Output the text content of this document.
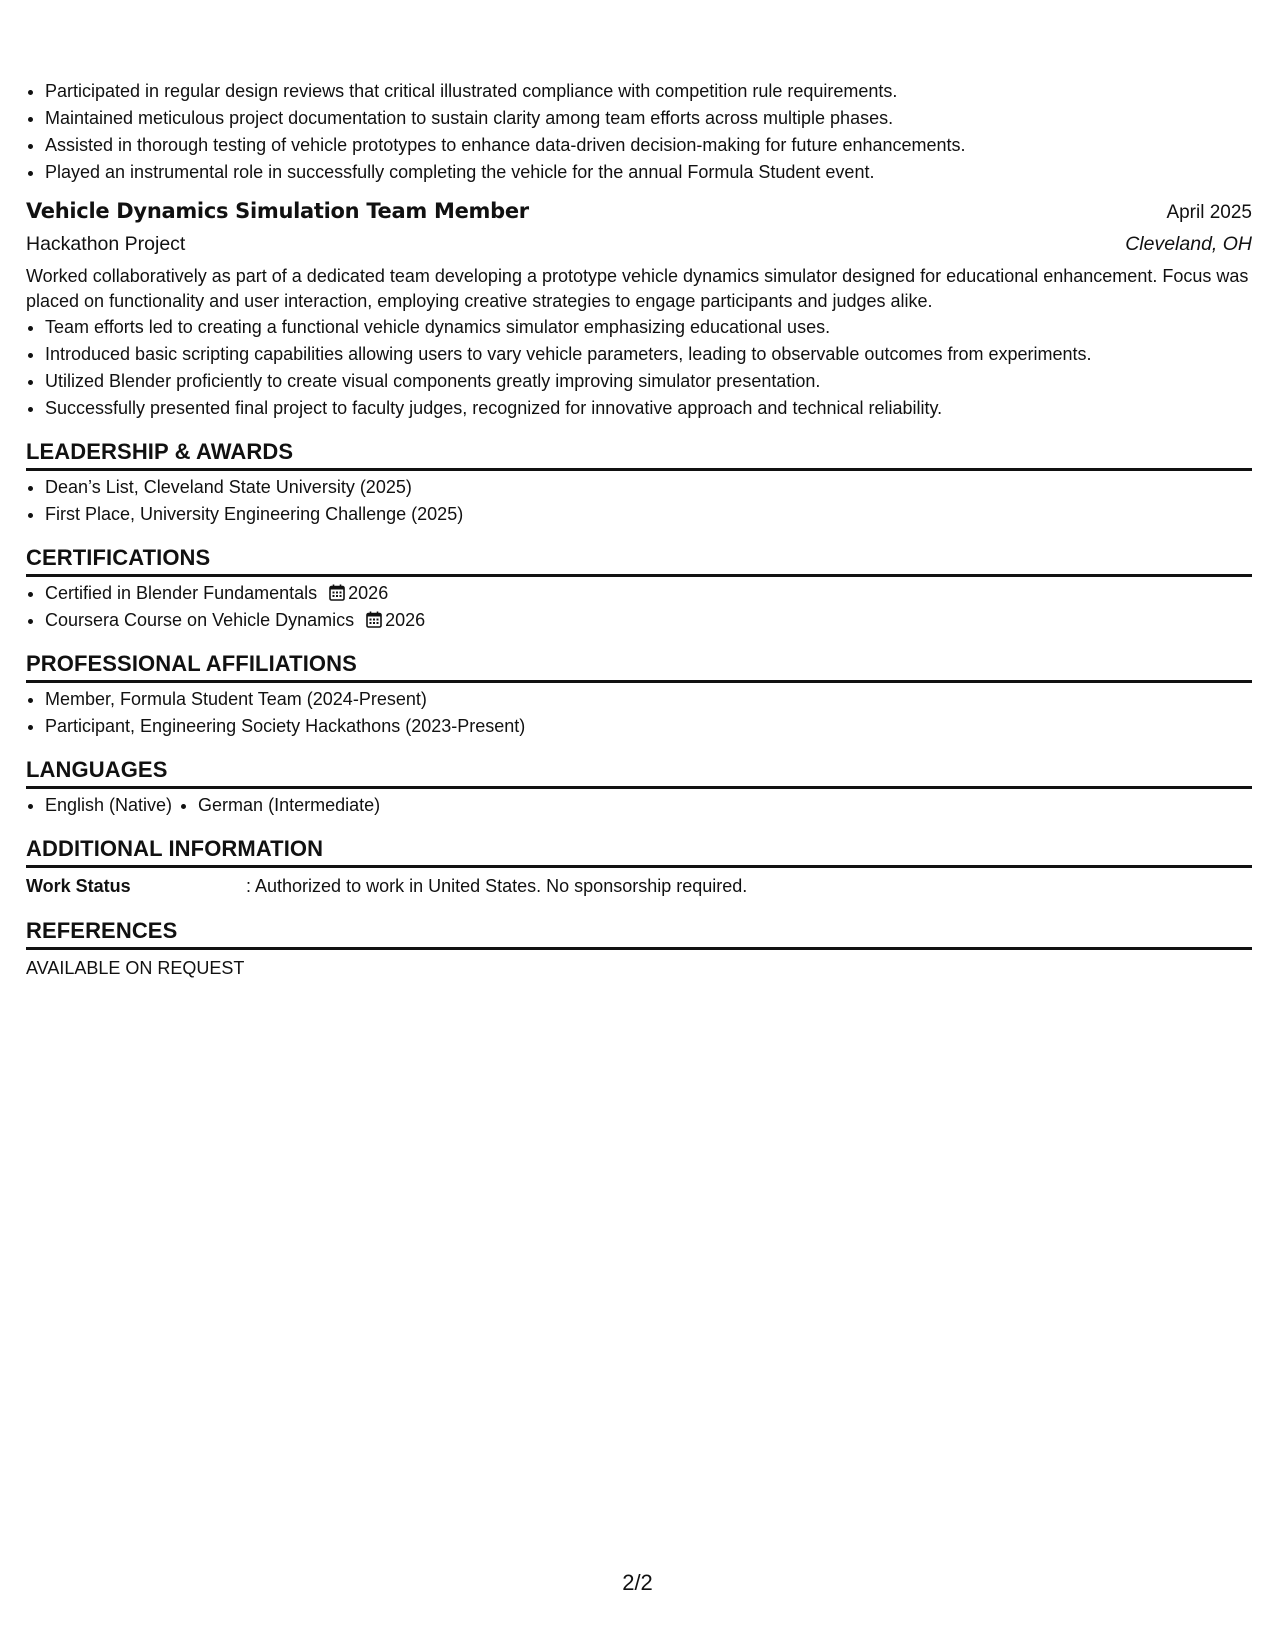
• Participated in regular design reviews that critical illustrated compliance with competition rule requirements.
• Maintained meticulous project documentation to sustain clarity among team efforts across multiple phases.
• Assisted in thorough testing of vehicle prototypes to enhance data-driven decision-making for future enhancements.
• Played an instrumental role in successfully completing the vehicle for the annual Formula Student event.
Vehicle Dynamics Simulation Team Member	April 2025
Hackathon Project	Cleveland, OH
Worked collaboratively as part of a dedicated team developing a prototype vehicle dynamics simulator designed for educational enhancement. Focus was placed on functionality and user interaction, employing creative strategies to engage participants and judges alike.
• Team efforts led to creating a functional vehicle dynamics simulator emphasizing educational uses.
• Introduced basic scripting capabilities allowing users to vary vehicle parameters, leading to observable outcomes from experiments.
• Utilized Blender proficiently to create visual components greatly improving simulator presentation.
• Successfully presented final project to faculty judges, recognized for innovative approach and technical reliability.
LEADERSHIP & AWARDS
• Dean’s List, Cleveland State University (2025)
• First Place, University Engineering Challenge (2025)
CERTIFICATIONS
• Certified in Blender Fundamentals 2026
• Coursera Course on Vehicle Dynamics 2026
PROFESSIONAL AFFILIATIONS
• Member, Formula Student Team (2024-Present)
• Participant, Engineering Society Hackathons (2023-Present)
LANGUAGES
• English (Native)
• German (Intermediate)
ADDITIONAL INFORMATION
Work Status	: Authorized to work in United States. No sponsorship required.
REFERENCES
AVAILABLE ON REQUEST
2/2
